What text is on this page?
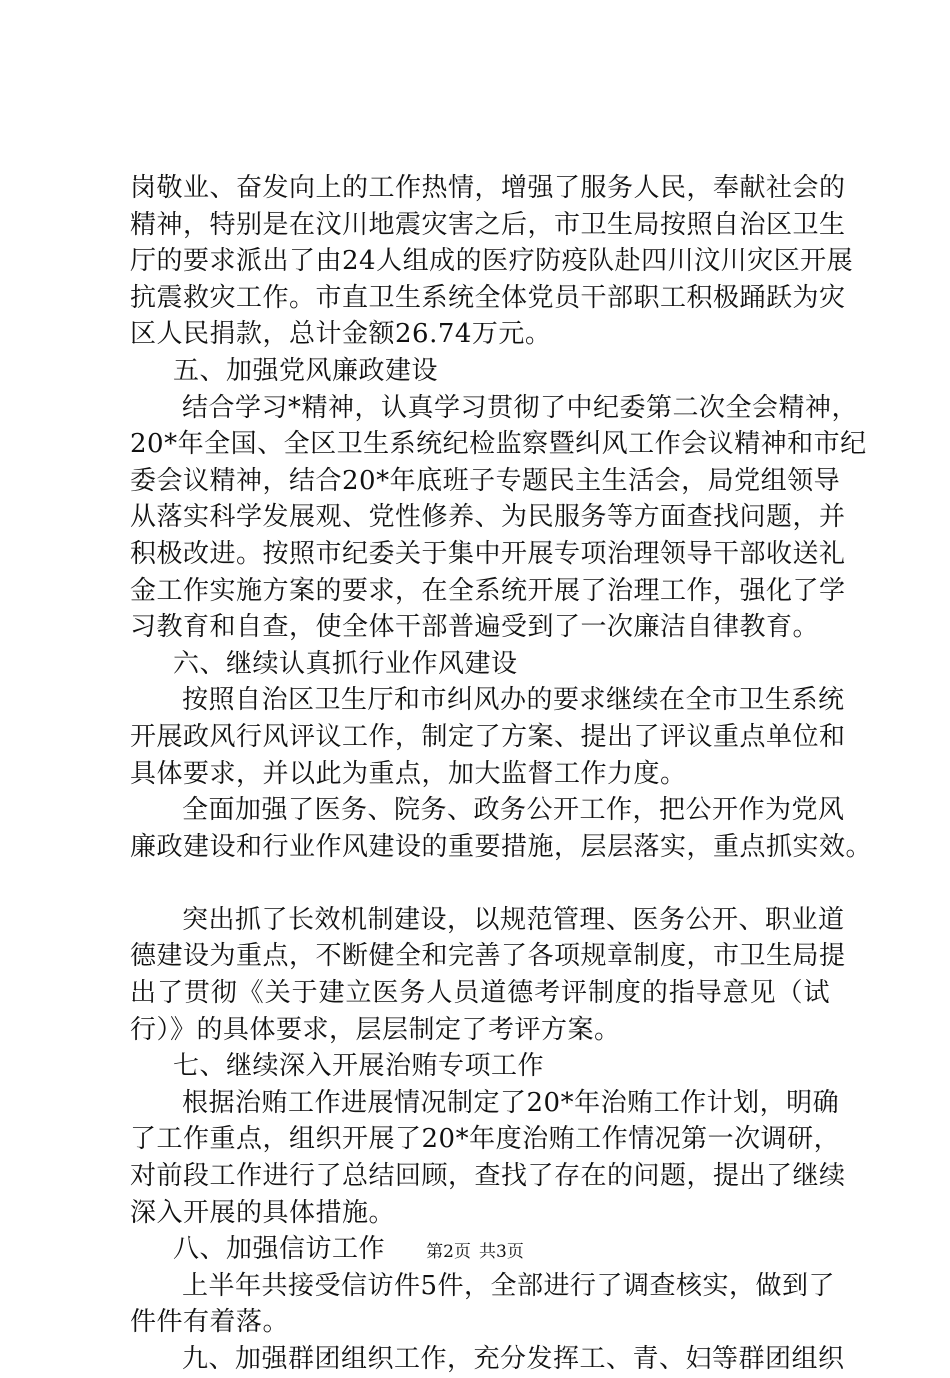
岗敬业、奋发向上的工作热情，增强了服务人民，奉献社会的
精神，特别是在汶川地震灾害之后，市卫生局按照自治区卫生
厅的要求派出了由24人组成的医疗防疫队赴四川汶川灾区开展
抗震救灾工作。市直卫生系统全体党员干部职工积极踊跃为灾
区人民捐款，总计金额26.74万元。
五、加强党风廉政建设
结合学习*精神，认真学习贯彻了中纪委第二次全会精神，
20*年全国、全区卫生系统纪检监察暨纠风工作会议精神和市纪
委会议精神，结合20*年底班子专题民主生活会，局党组领导
从落实科学发展观、党性修养、为民服务等方面查找问题，并
积极改进。按照市纪委关于集中开展专项治理领导干部收送礼
金工作实施方案的要求，在全系统开展了治理工作，强化了学
习教育和自查，使全体干部普遍受到了一次廉洁自律教育。
六、继续认真抓行业作风建设
按照自治区卫生厅和市纠风办的要求继续在全市卫生系统
开展政风行风评议工作，制定了方案、提出了评议重点单位和
具体要求，并以此为重点，加大监督工作力度。
全面加强了医务、院务、政务公开工作，把公开作为党风
廉政建设和行业作风建设的重要措施，层层落实，重点抓实效。
突出抓了长效机制建设，以规范管理、医务公开、职业道
德建设为重点，不断健全和完善了各项规章制度，市卫生局提
出了贯彻《关于建立医务人员道德考评制度的指导意见（试
行）》的具体要求，层层制定了考评方案。
七、继续深入开展治贿专项工作
根据治贿工作进展情况制定了20*年治贿工作计划，明确
了工作重点，组织开展了20*年度治贿工作情况第一次调研，
对前段工作进行了总结回顾，查找了存在的问题，提出了继续
深入开展的具体措施。
八、加强信访工作
上半年共接受信访件5件，全部进行了调查核实，做到了
件件有着落。
九、加强群团组织工作，充分发挥工、青、妇等群团组织
第2页 共3页
